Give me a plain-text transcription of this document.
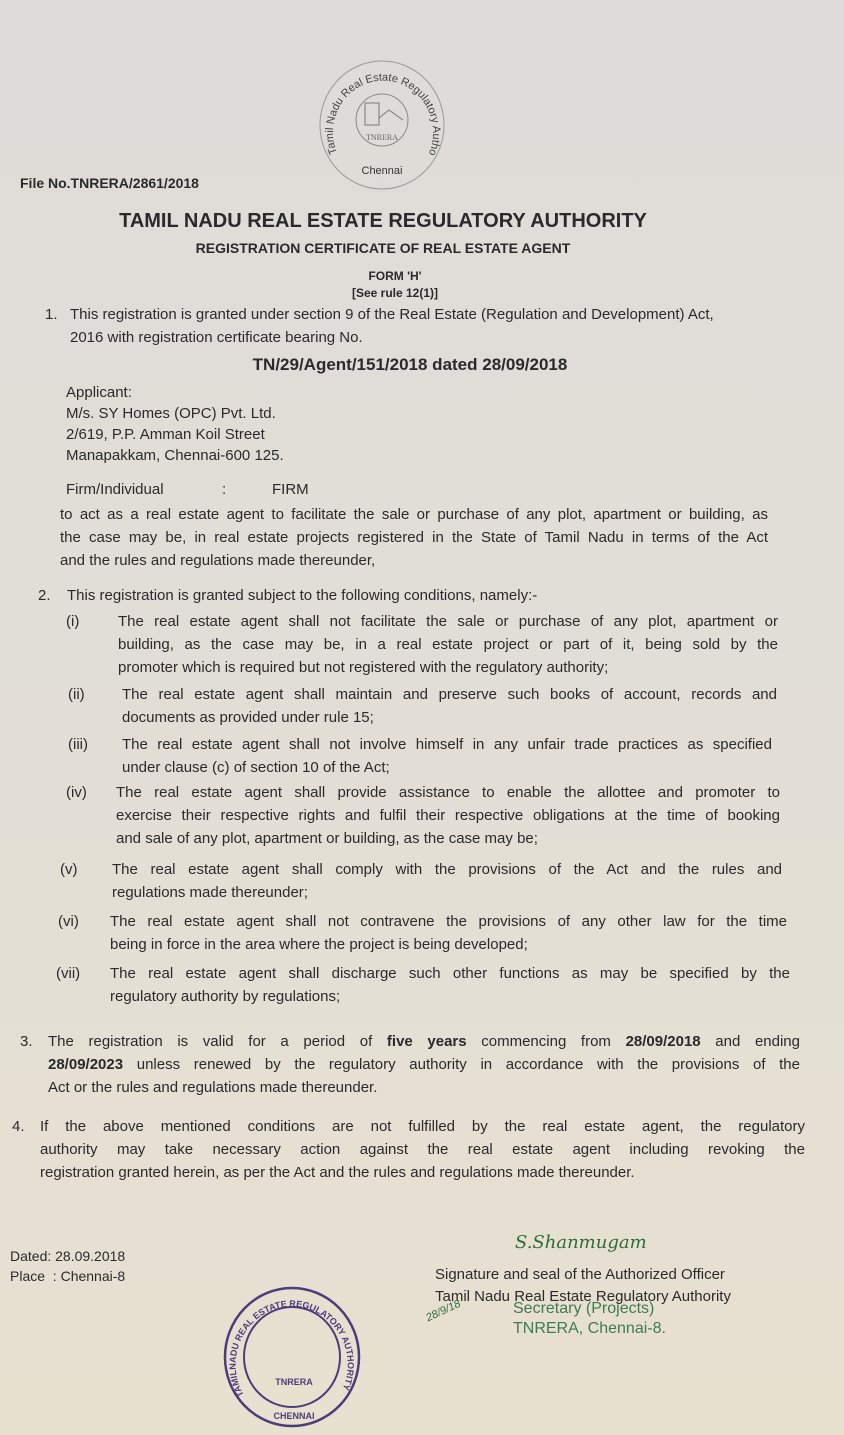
Tamil Nadu Real Estate Regulatory Autho
TNRERA
Chennai
File No.TNRERA/2861/2018
TAMIL NADU REAL ESTATE REGULATORY AUTHORITY
REGISTRATION CERTIFICATE OF REAL ESTATE AGENT
FORM 'H'
[See rule 12(1)]
1. This registration is granted under section 9 of the Real Estate (Regulation and Development) Act,
2016 with registration certificate bearing No.
TN/29/Agent/151/2018 dated 28/09/2018
Applicant:
M/s. SY Homes (OPC) Pvt. Ltd.
2/619, P.P. Amman Koil Street
Manapakkam, Chennai-600 125.
Firm/Individual	:	FIRM
to act as a real estate agent to facilitate the sale or purchase of any plot, apartment or building, as
the case may be, in real estate projects registered in the State of Tamil Nadu in terms of the Act
and the rules and regulations made thereunder,
2. This registration is granted subject to the following conditions, namely:-
(i)	The real estate agent shall not facilitate the sale or purchase of any plot, apartment or
building, as the case may be, in a real estate project or part of it, being sold by the
promoter which is required but not registered with the regulatory authority;
(ii) The real estate agent shall maintain and preserve such books of account, records and
documents as provided under rule 15;
(iii) The real estate agent shall not involve himself in any unfair trade practices as specified
under clause (c) of section 10 of the Act;
(iv) The real estate agent shall provide assistance to enable the allottee and promoter to
exercise their respective rights and fulfil their respective obligations at the time of booking
and sale of any plot, apartment or building, as the case may be;
(v) The real estate agent shall comply with the provisions of the Act and the rules and
regulations made thereunder;
(vi) The real estate agent shall not contravene the provisions of any other law for the time
being in force in the area where the project is being developed;
(vii) The real estate agent shall discharge such other functions as may be specified by the
regulatory authority by regulations;
3. The registration is valid for a period of five years commencing from 28/09/2018 and ending
28/09/2023 unless renewed by the regulatory authority in accordance with the provisions of the
Act or the rules and regulations made thereunder.
4. If the above mentioned conditions are not fulfilled by the real estate agent, the regulatory
authority may take necessary action against the real estate agent including revoking the
registration granted herein, as per the Act and the rules and regulations made thereunder.
Dated: 28.09.2018
Place  : Chennai-8
S.Shanmugam
Signature and seal of the Authorized Officer
Tamil Nadu Real Estate Regulatory Authority
28/9/18	Secretary (Projects)
TNRERA, Chennai-8.
TAMILNADU REAL ESTATE REGULATORY AUTHORITY
TNRERA
CHENNAI
